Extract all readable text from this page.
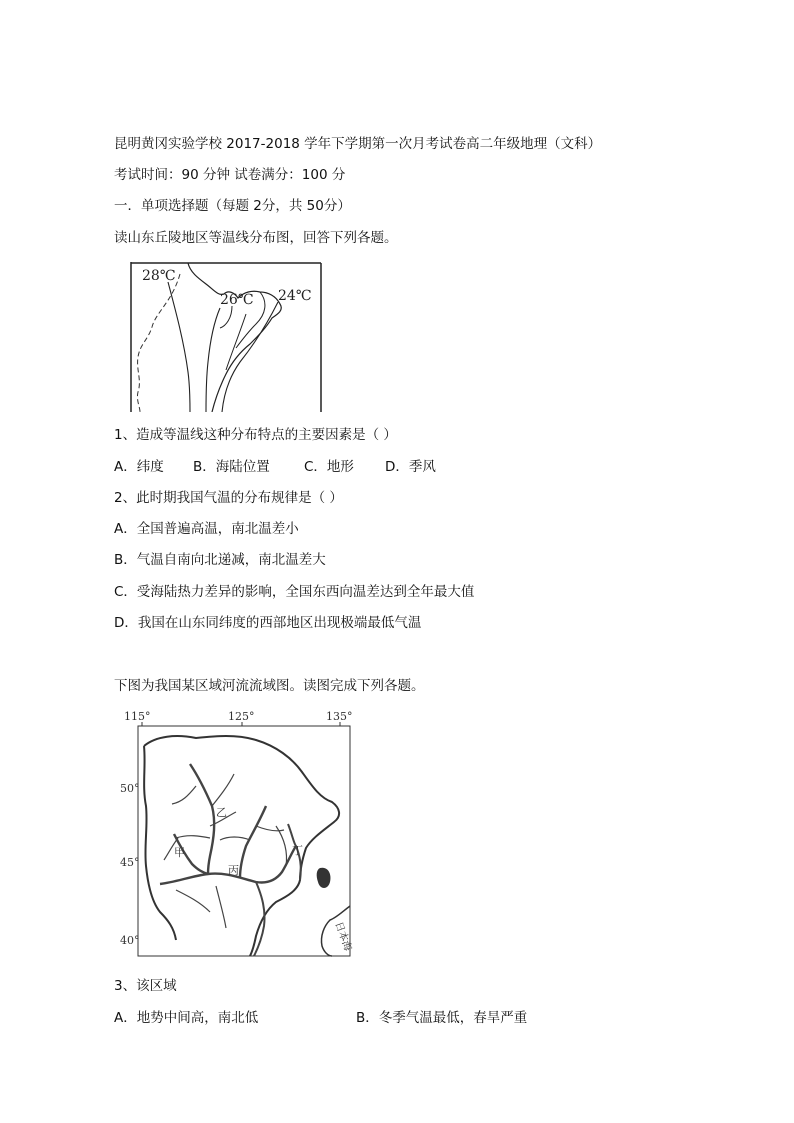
昆明黄冈实验学校 2017-2018 学年下学期第一次月考试卷高二年级地理（文科）
考试时间：90 分钟 试卷满分：100 分
一．单项选择题（每题 2分，共 50分）
读山东丘陵地区等温线分布图，回答下列各题。
28℃
26℃ 24℃
1、造成等温线这种分布特点的主要因素是（ ）
A．纬度 B．海陆位置	C．地形 D．季风
2、此时期我国气温的分布规律是（ ）
A．全国普遍高温，南北温差小
B．气温自南向北递减，南北温差大
C．受海陆热力差异的影响，全国东西向温差达到全年最大值
D．我国在山东同纬度的西部地区出现极端最低气温
下图为我国某区域河流流域图。读图完成下列各题。
115°	125°	135°
50°
45°
40°
乙
甲
丙
丁
日本海
3、该区域
A．地势中间高，南北低	B．冬季气温最低，春旱严重
